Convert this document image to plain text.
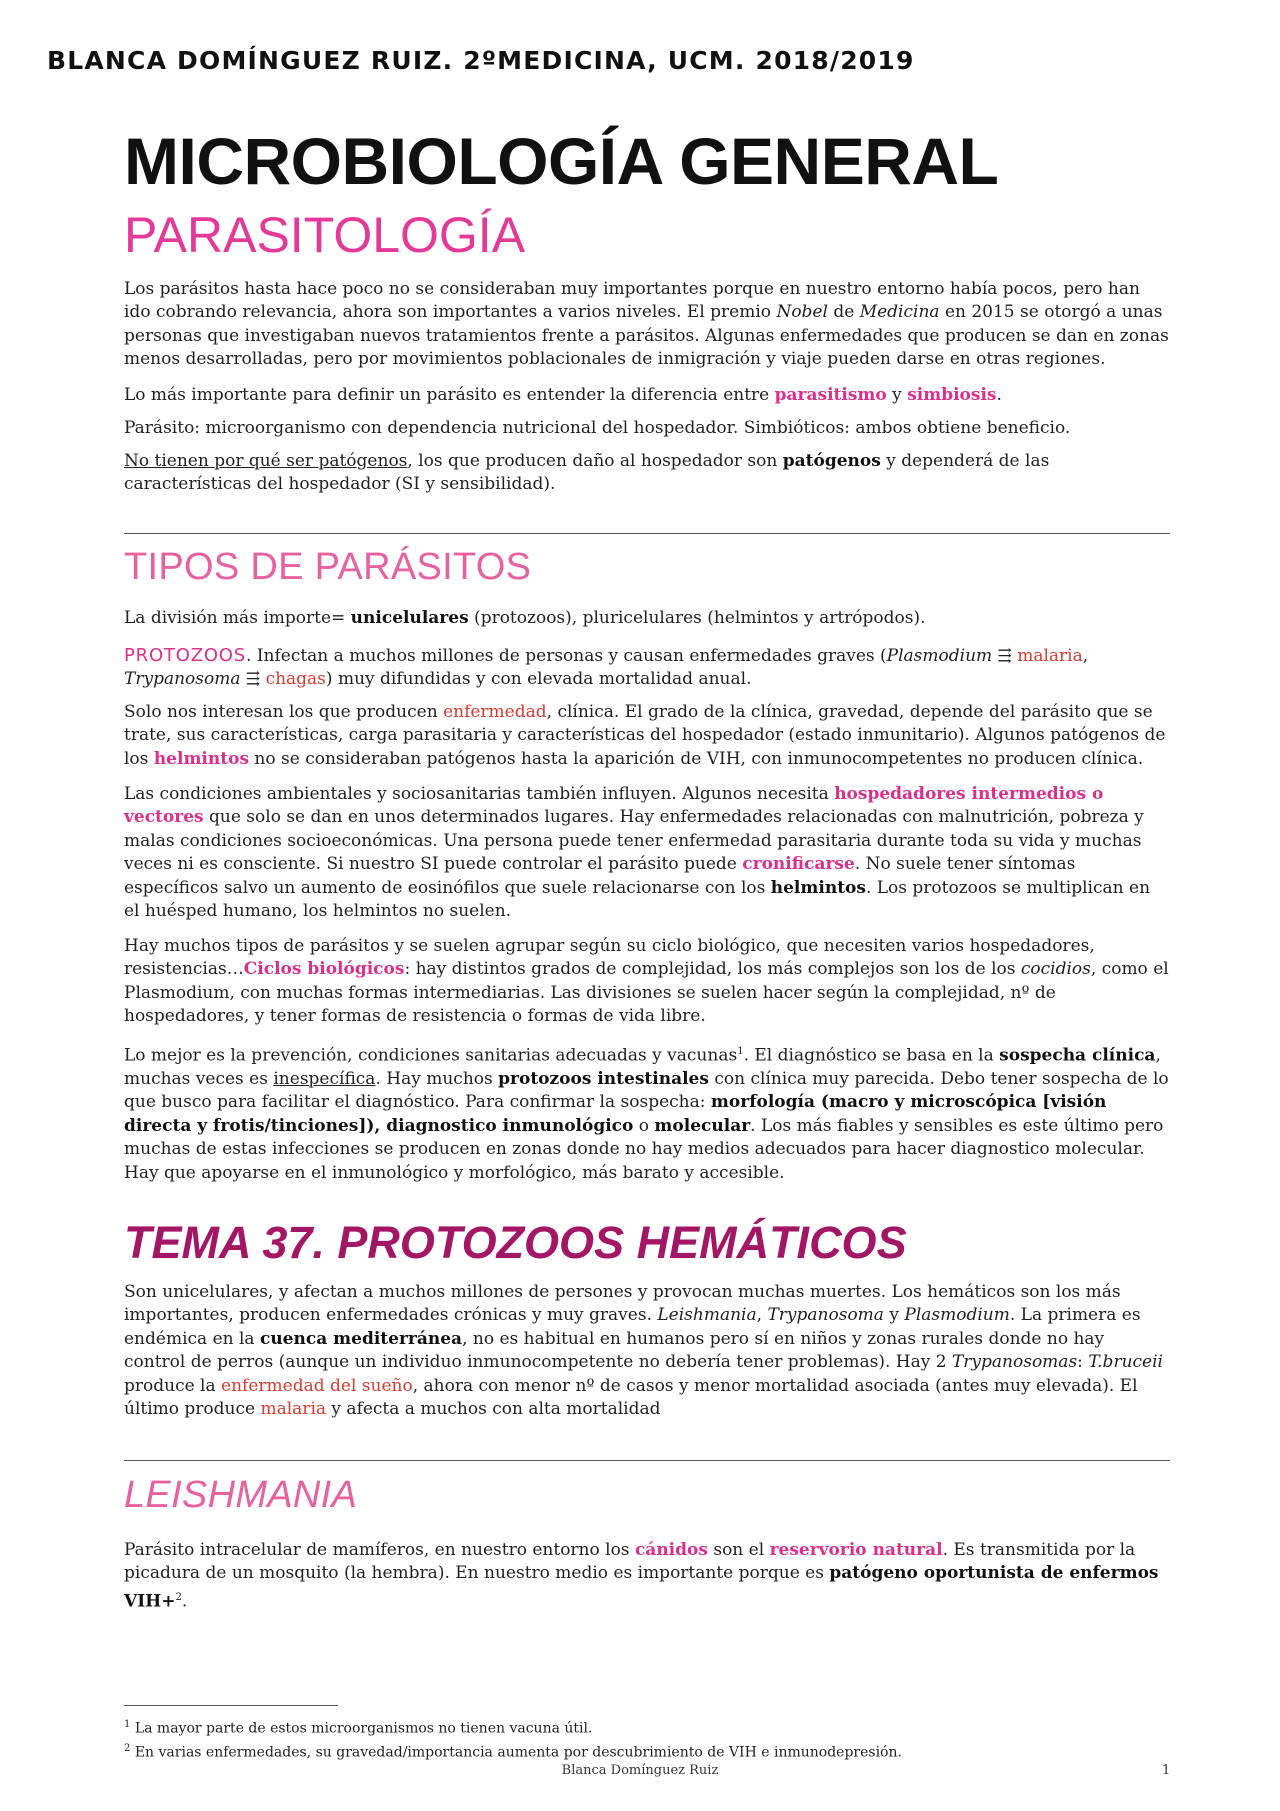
BLANCA DOMÍNGUEZ RUIZ. 2ºMEDICINA, UCM. 2018/2019
MICROBIOLOGÍA GENERAL
PARASITOLOGÍA
Los parásitos hasta hace poco no se consideraban muy importantes porque en nuestro entorno había pocos, pero han ido cobrando relevancia, ahora son importantes a varios niveles. El premio Nobel de Medicina en 2015 se otorgó a unas personas que investigaban nuevos tratamientos frente a parásitos. Algunas enfermedades que producen se dan en zonas menos desarrolladas, pero por movimientos poblacionales de inmigración y viaje pueden darse en otras regiones.
Lo más importante para definir un parásito es entender la diferencia entre parasitismo y simbiosis.
Parásito: microorganismo con dependencia nutricional del hospedador. Simbióticos: ambos obtiene beneficio.
No tienen por qué ser patógenos, los que producen daño al hospedador son patógenos y dependerá de las características del hospedador (SI y sensibilidad).
TIPOS DE PARÁSITOS
La división más importe= unicelulares (protozoos), pluricelulares (helmintos y artrópodos).
PROTOZOOS. Infectan a muchos millones de personas y causan enfermedades graves (Plasmodium ⇶ malaria,
Trypanosoma ⇶ chagas) muy difundidas y con elevada mortalidad anual.
Solo nos interesan los que producen enfermedad, clínica. El grado de la clínica, gravedad, depende del parásito que se trate, sus características, carga parasitaria y características del hospedador (estado inmunitario). Algunos patógenos de los helmintos no se consideraban patógenos hasta la aparición de VIH, con inmunocompetentes no producen clínica.
Las condiciones ambientales y sociosanitarias también influyen. Algunos necesita hospedadores intermedios o vectores que solo se dan en unos determinados lugares. Hay enfermedades relacionadas con malnutrición, pobreza y malas condiciones socioeconómicas. Una persona puede tener enfermedad parasitaria durante toda su vida y muchas veces ni es consciente. Si nuestro SI puede controlar el parásito puede cronificarse. No suele tener síntomas específicos salvo un aumento de eosinófilos que suele relacionarse con los helmintos. Los protozoos se multiplican en el huésped humano, los helmintos no suelen.
Hay muchos tipos de parásitos y se suelen agrupar según su ciclo biológico, que necesiten varios hospedadores, resistencias…Ciclos biológicos: hay distintos grados de complejidad, los más complejos son los de los cocidios, como el Plasmodium, con muchas formas intermediarias. Las divisiones se suelen hacer según la complejidad, nº de hospedadores, y tener formas de resistencia o formas de vida libre.
Lo mejor es la prevención, condiciones sanitarias adecuadas y vacunas$^1$. El diagnóstico se basa en la sospecha clínica, muchas veces es inespecífica. Hay muchos protozoos intestinales con clínica muy parecida. Debo tener sospecha de lo que busco para facilitar el diagnóstico. Para confirmar la sospecha: morfología (macro y microscópica [visión directa y frotis/tinciones]), diagnostico inmunológico o molecular. Los más fiables y sensibles es este último pero muchas de estas infecciones se producen en zonas donde no hay medios adecuados para hacer diagnostico molecular. Hay que apoyarse en el inmunológico y morfológico, más barato y accesible.
TEMA 37. PROTOZOOS HEMÁTICOS
Son unicelulares, y afectan a muchos millones de persones y provocan muchas muertes. Los hemáticos son los más importantes, producen enfermedades crónicas y muy graves. Leishmania, Trypanosoma y Plasmodium. La primera es endémica en la cuenca mediterránea, no es habitual en humanos pero sí en niños y zonas rurales donde no hay control de perros (aunque un individuo inmunocompetente no debería tener problemas). Hay 2 Trypanosomas: T.bruceii produce la enfermedad del sueño, ahora con menor nº de casos y menor mortalidad asociada (antes muy elevada). El último produce malaria y afecta a muchos con alta mortalidad
LEISHMANIA
Parásito intracelular de mamíferos, en nuestro entorno los cánidos son el reservorio natural. Es transmitida por la picadura de un mosquito (la hembra). En nuestro medio es importante porque es patógeno oportunista de enfermos VIH+$^2$.
$^1$ La mayor parte de estos microorganismos no tienen vacuna útil.
$^2$ En varias enfermedades, su gravedad/importancia aumenta por descubrimiento de VIH e inmunodepresión.
Blanca Domínguez Ruiz	1
